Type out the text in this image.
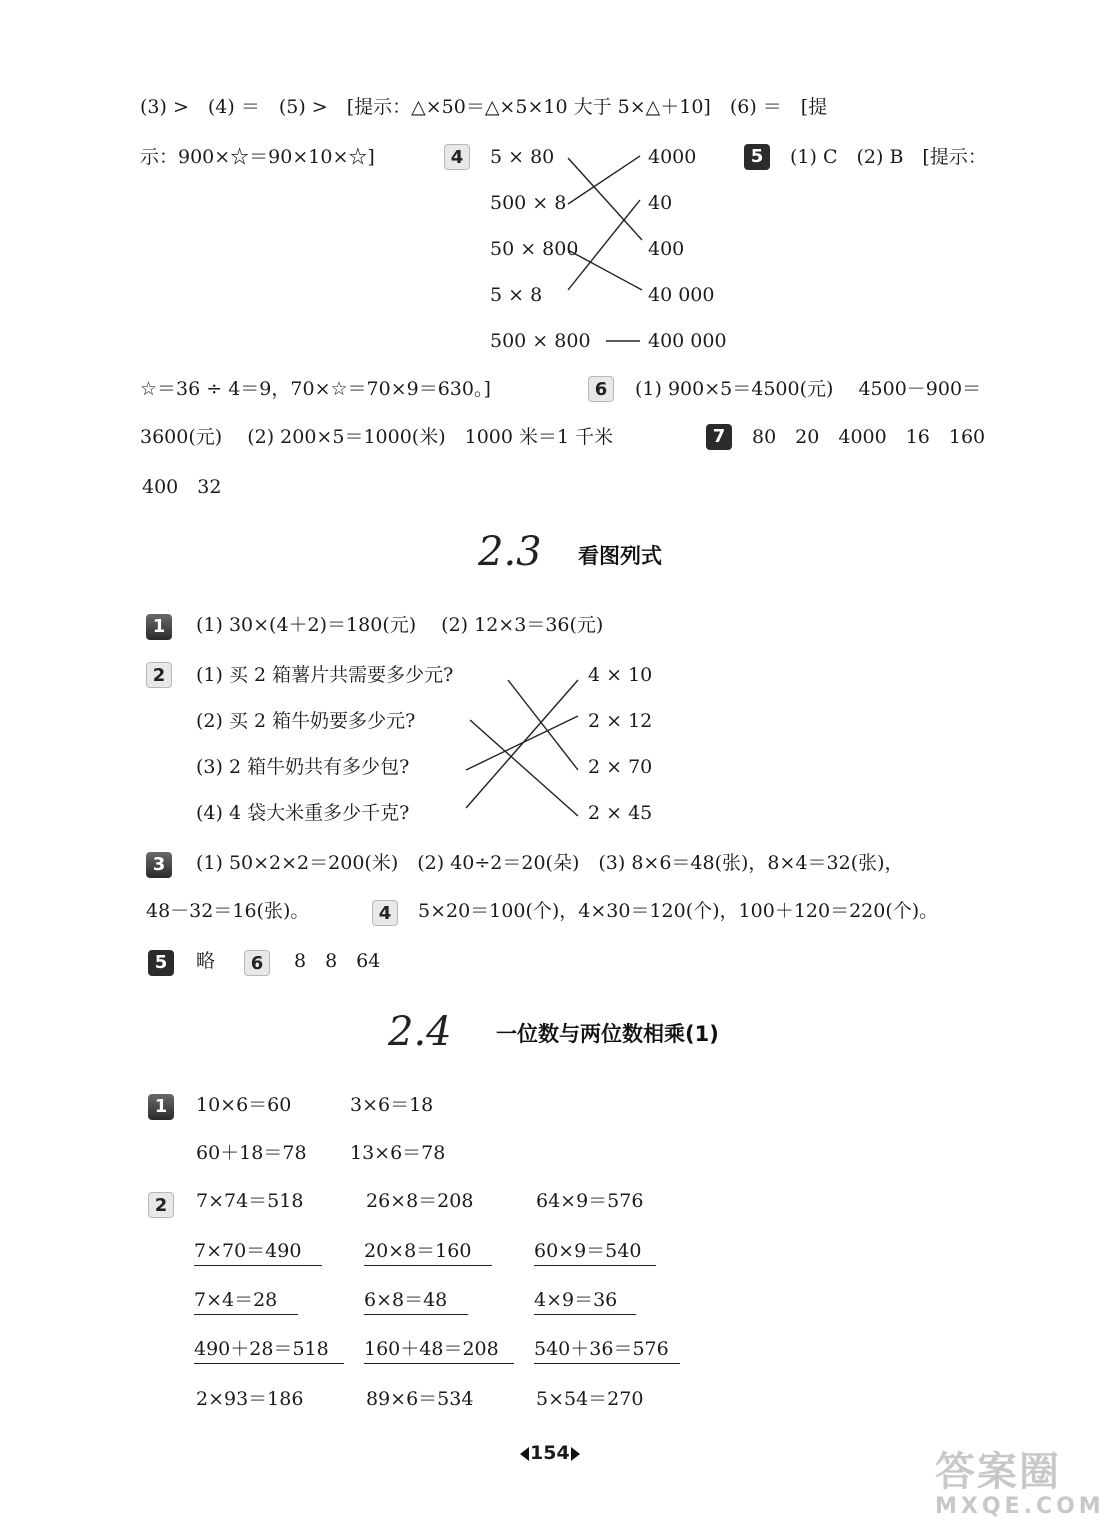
(3) >　(4) ＝　(5) >　[提示：△×50＝△×5×10 大于 5×△＋10]　(6) ＝　[提
示：900×☆＝90×10×☆]	4	5 × 80
500 × 8
50 × 800
5 × 8
500 × 800
4000
40
400
40 000
400 000
5	(1) C　(2) B　[提示：
☆＝36 ÷ 4＝9，70×☆＝70×9＝630。]	6	(1) 900×5＝4500(元)　 4500－900＝
3600(元)　 (2) 200×5＝1000(米)　1000 米＝1 千米	7	80　20　4000　16　160
400　32
2.3 看图列式
1	(1) 30×(4＋2)＝180(元)　 (2) 12×3＝36(元)
2	(1) 买 2 箱薯片共需要多少元?
(2) 买 2 箱牛奶要多少元?
(3) 2 箱牛奶共有多少包?
(4) 4 袋大米重多少千克?
4 × 10
2 × 12
2 × 70
2 × 45
3	(1) 50×2×2＝200(米)　(2) 40÷2＝20(朵)　(3) 8×6＝48(张)，8×4＝32(张)，
48－32＝16(张)。	4	5×20＝100(个)，4×30＝120(个)，100＋120＝220(个)。
5	略	6	8　8　64
2.4 一位数与两位数相乘(1)
1	10×6＝60	3×6＝18
60＋18＝78 13×6＝78
2	7×74＝518	26×8＝208	64×9＝576
7×70＝490	20×8＝160	60×9＝540
7×4＝28	6×8＝48	4×9＝36
490＋28＝518	160＋48＝208	540＋36＝576
2×93＝186	89×6＝534	5×54＝270
154	答案圈
MXQE.COM
